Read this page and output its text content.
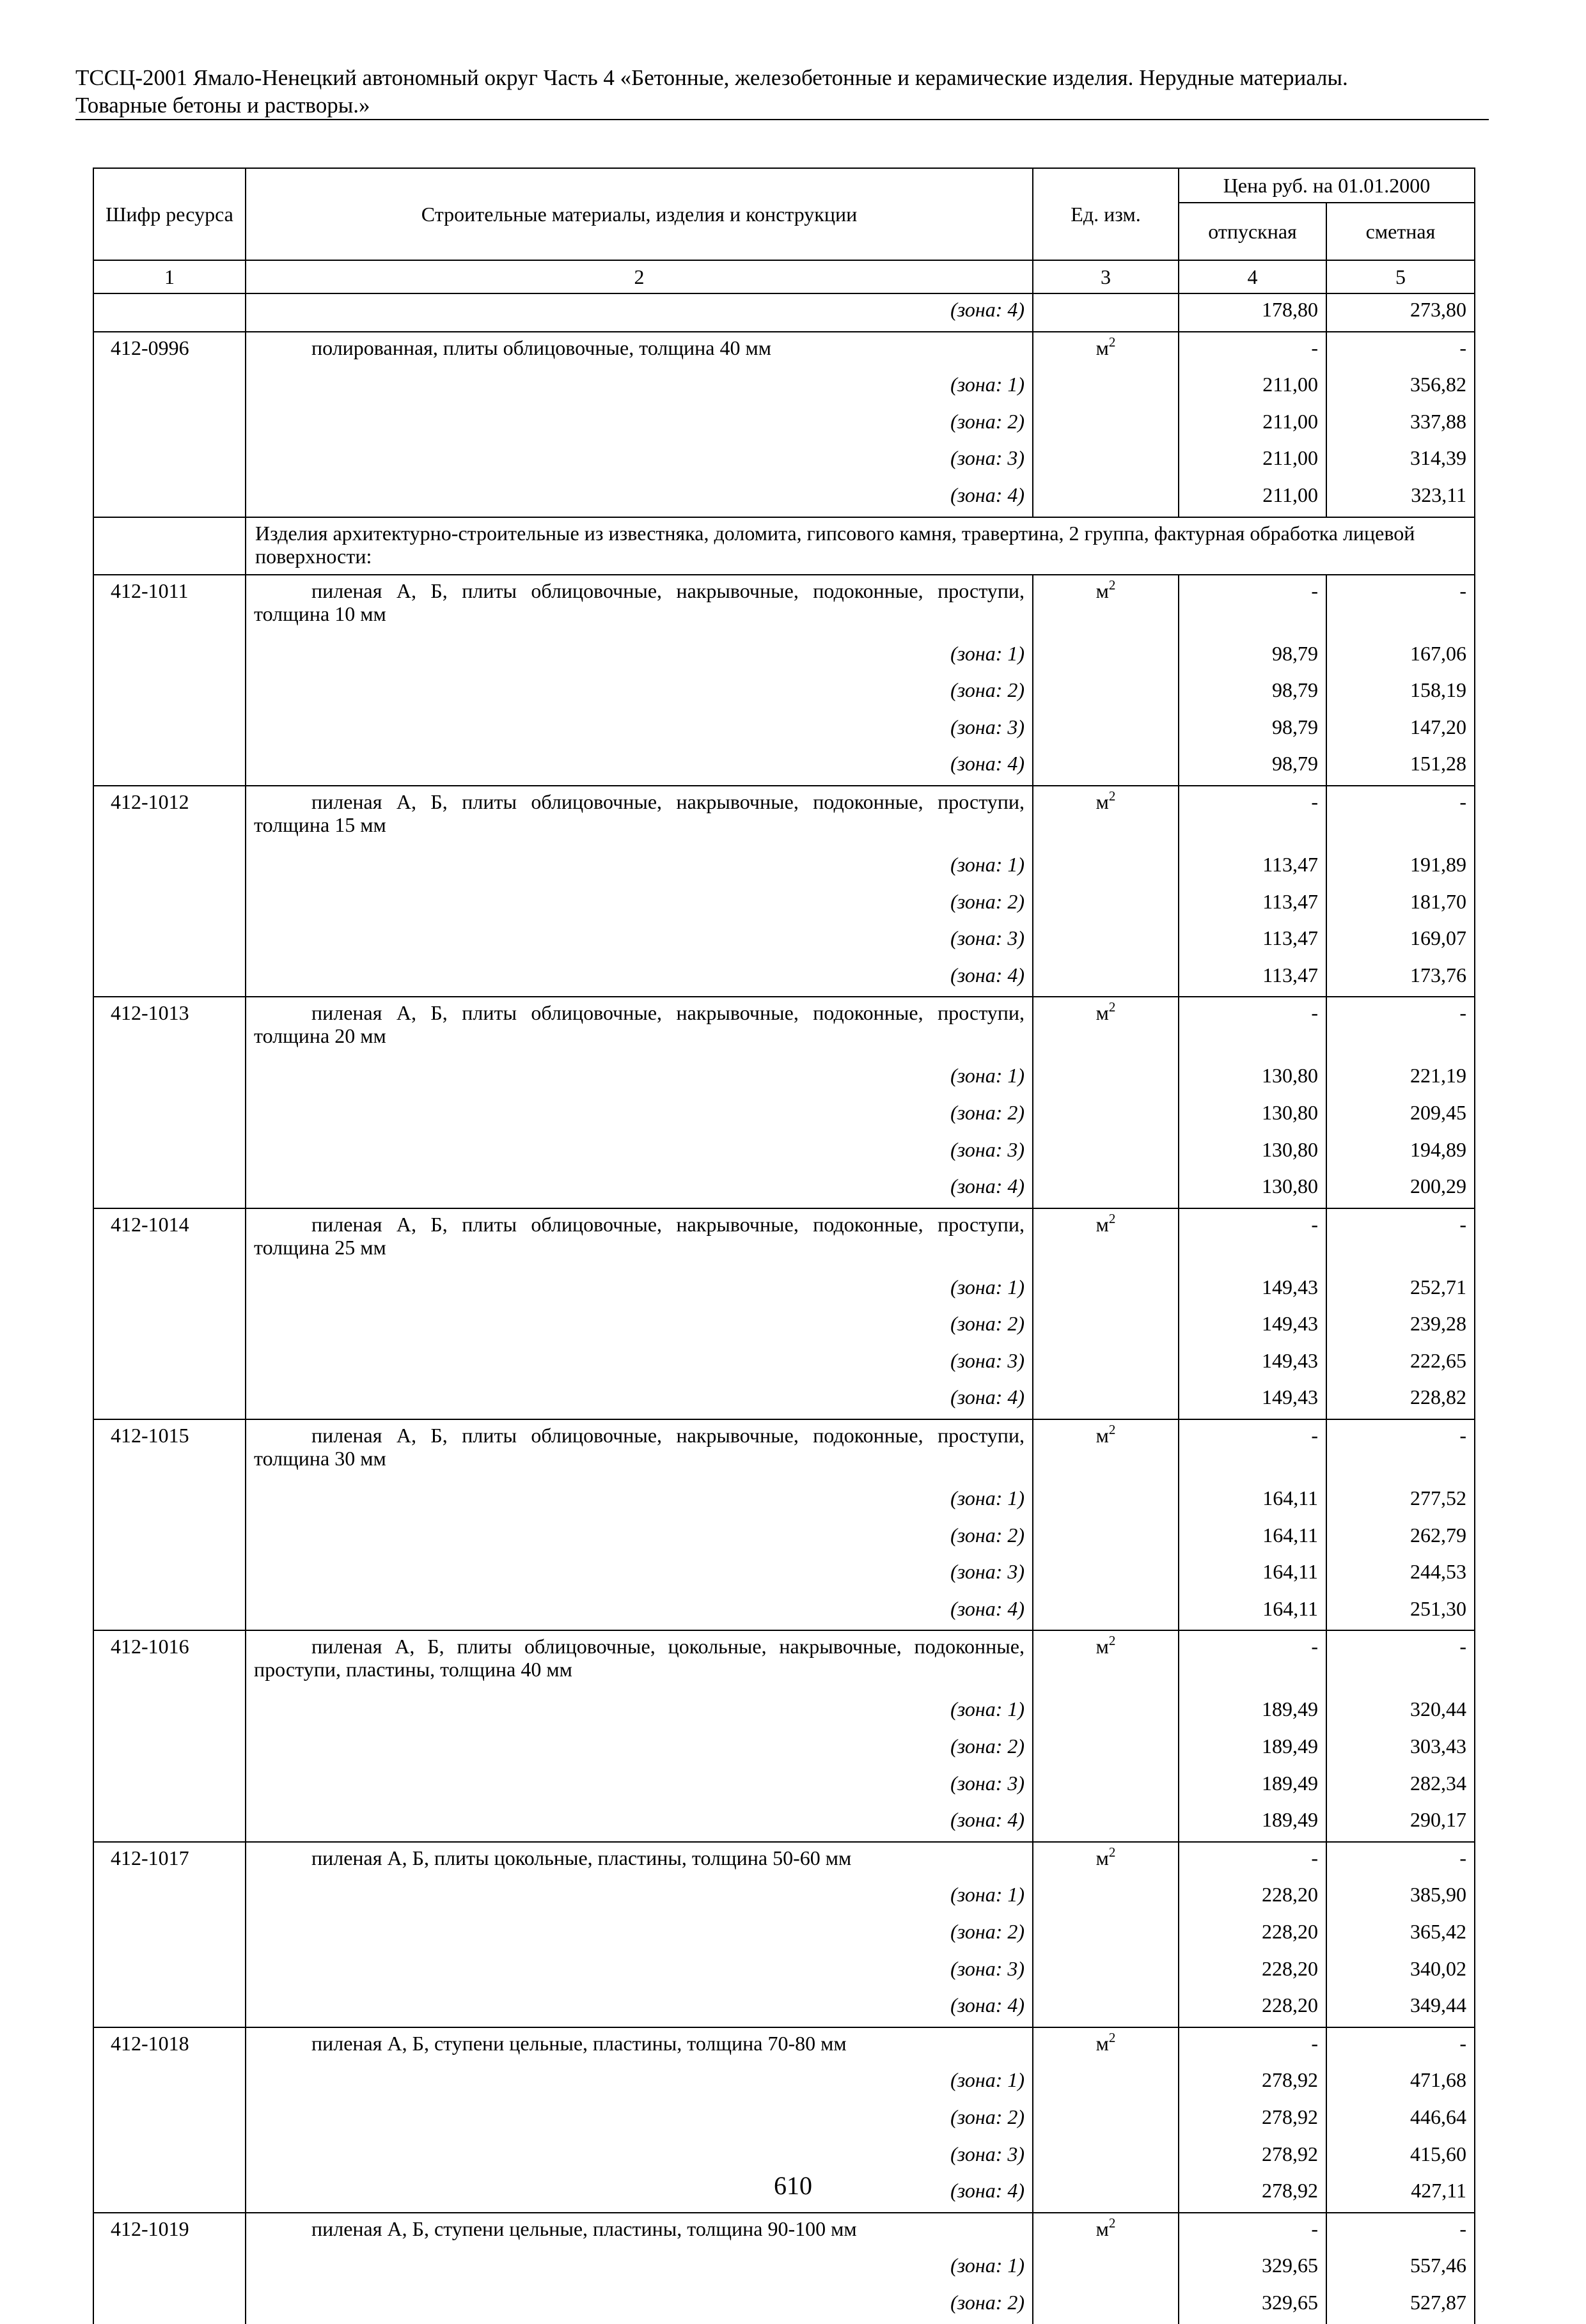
ТССЦ-2001 Ямало-Ненецкий автономный округ Часть 4 «Бетонные, железобетонные и керамические изделия. Нерудные материалы.
Товарные бетоны и растворы.»
Шифр ресурса	Строительные материалы, изделия и конструкции	Ед. изм.	Цена руб. на 01.01.2000	
			отпускная	сметная
1	2	3	4	5
	(зона: 4)		178,80	273,80
412-0996	полированная, плиты облицовочные, толщина 40 мм	$м^2$	-	-
	(зона: 1)		211,00	356,82
	(зона: 2)		211,00	337,88
	(зона: 3)		211,00	314,39
	(зона: 4)		211,00	323,11
	Изделия архитектурно-строительные из известняка, доломита, гипсового камня, травертина, 2 группа, фактурная обработка лицевой поверхности:			
412-1011	пиленая А, Б, плиты облицовочные, накрывочные, подоконные, проступи, толщина 10 мм	$м^2$	-	-
	(зона: 1)		98,79	167,06
	(зона: 2)		98,79	158,19
	(зона: 3)		98,79	147,20
	(зона: 4)		98,79	151,28
412-1012	пиленая А, Б, плиты облицовочные, накрывочные, подоконные, проступи, толщина 15 мм	$м^2$	-	-
	(зона: 1)		113,47	191,89
	(зона: 2)		113,47	181,70
	(зона: 3)		113,47	169,07
	(зона: 4)		113,47	173,76
412-1013	пиленая А, Б, плиты облицовочные, накрывочные, подоконные, проступи, толщина 20 мм	$м^2$	-	-
	(зона: 1)		130,80	221,19
	(зона: 2)		130,80	209,45
	(зона: 3)		130,80	194,89
	(зона: 4)		130,80	200,29
412-1014	пиленая А, Б, плиты облицовочные, накрывочные, подоконные, проступи, толщина 25 мм	$м^2$	-	-
	(зона: 1)		149,43	252,71
	(зона: 2)		149,43	239,28
	(зона: 3)		149,43	222,65
	(зона: 4)		149,43	228,82
412-1015	пиленая А, Б, плиты облицовочные, накрывочные, подоконные, проступи, толщина 30 мм	$м^2$	-	-
	(зона: 1)		164,11	277,52
	(зона: 2)		164,11	262,79
	(зона: 3)		164,11	244,53
	(зона: 4)		164,11	251,30
412-1016	пиленая А, Б, плиты облицовочные, цокольные, накрывочные, подоконные, проступи, пластины, толщина 40 мм	$м^2$	-	-
	(зона: 1)		189,49	320,44
	(зона: 2)		189,49	303,43
	(зона: 3)		189,49	282,34
	(зона: 4)		189,49	290,17
412-1017	пиленая А, Б, плиты цокольные, пластины, толщина 50-60 мм	$м^2$	-	-
	(зона: 1)		228,20	385,90
	(зона: 2)		228,20	365,42
	(зона: 3)		228,20	340,02
	(зона: 4)		228,20	349,44
412-1018	пиленая А, Б, ступени цельные, пластины, толщина 70-80 мм	$м^2$	-	-
	(зона: 1)		278,92	471,68
	(зона: 2)		278,92	446,64
	(зона: 3)		278,92	415,60
	(зона: 4)		278,92	427,11
412-1019	пиленая А, Б, ступени цельные, пластины, толщина 90-100 мм	$м^2$	-	-
	(зона: 1)		329,65	557,46
	(зона: 2)		329,65	527,87
610
